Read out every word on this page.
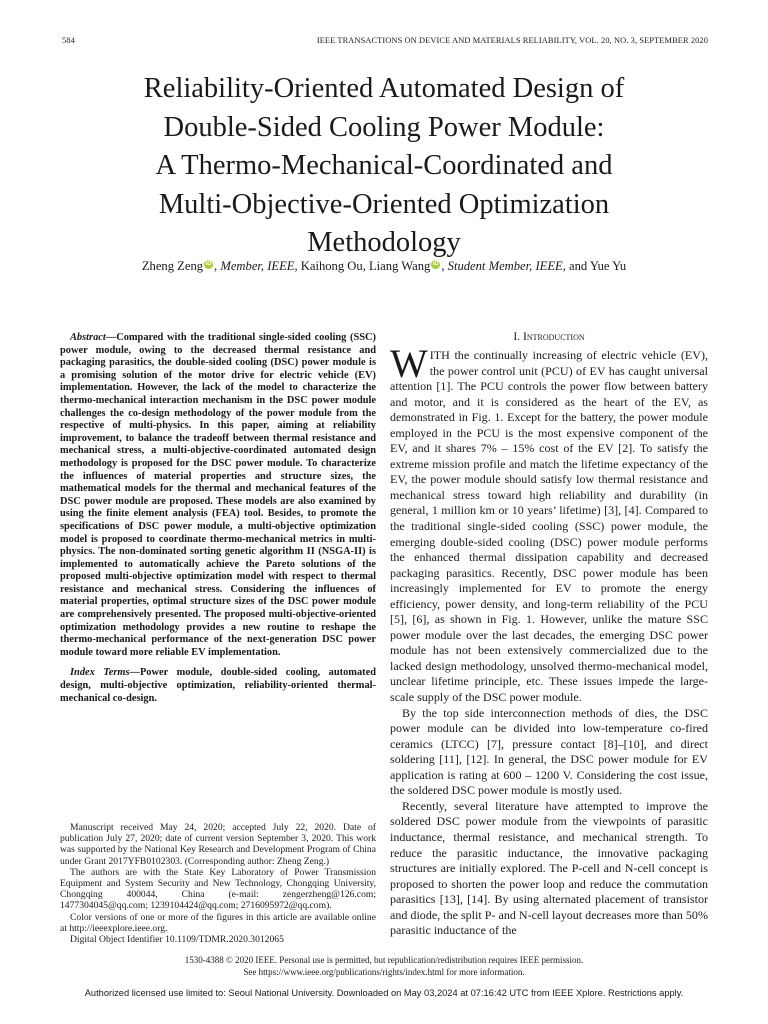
584	IEEE TRANSACTIONS ON DEVICE AND MATERIALS RELIABILITY, VOL. 20, NO. 3, SEPTEMBER 2020
Reliability-Oriented Automated Design of
Double-Sided Cooling Power Module:
A Thermo-Mechanical-Coordinated and
Multi-Objective-Oriented Optimization
Methodology
Zheng Zeng iD , Member, IEEE, Kaihong Ou, Liang Wang iD , Student Member, IEEE, and Yue Yu

Abstract—Compared with the traditional single-sided cooling (SSC) power module, owing to the decreased thermal resistance and packaging parasitics, the double-sided cooling (DSC) power module is a promising solution of the motor drive for electric vehicle (EV) implementation. However, the lack of the model to characterize the thermo-mechanical interaction mechanism in the DSC power module challenges the co-design methodology of the power module from the respective of multi-physics. In this paper, aiming at reliability improvement, to balance the tradeoff between thermal resistance and mechanical stress, a multi-objective-coordinated automated design methodology is proposed for the DSC power module. To characterize the influences of material properties and structure sizes, the mathematical models for the thermal and mechanical features of the DSC power module are proposed. These models are also examined by using the finite element analysis (FEA) tool. Besides, to promote the specifications of DSC power module, a multi-objective optimization model is proposed to coordinate thermo-mechanical metrics in multi-physics. The non-dominated sorting genetic algorithm II (NSGA-II) is implemented to automatically achieve the Pareto solutions of the proposed multi-objective optimization model with respect to thermal resistance and mechanical stress. Considering the influences of material properties, optimal structure sizes of the DSC power module are comprehensively presented. The proposed multi-objective-oriented optimization methodology provides a new routine to reshape the thermo-mechanical performance of the next-generation DSC power module toward more reliable EV implementation.

Index Terms—Power module, double-sided cooling, automated design, multi-objective optimization, reliability-oriented thermal-mechanical co-design.

Manuscript received May 24, 2020; accepted July 22, 2020. Date of publication July 27, 2020; date of current version September 3, 2020. This work was supported by the National Key Research and Development Program of China under Grant 2017YFB0102303. (Corresponding author: Zheng Zeng.)

The authors are with the State Key Laboratory of Power Transmission Equipment and System Security and New Technology, Chongqing University, Chongqing 400044, China (e-mail: zengerzheng@126.com; 1477304045@qq.com; 1239104424@qq.com; 2716095972@qq.com).

Color versions of one or more of the figures in this article are available online at http://ieeexplore.ieee.org.

Digital Object Identifier 10.1109/TDMR.2020.3012065

I. Introduction

WITH the continually increasing of electric vehicle (EV), the power control unit (PCU) of EV has caught universal attention [1]. The PCU controls the power flow between battery and motor, and it is considered as the heart of the EV, as demonstrated in Fig. 1. Except for the battery, the power module employed in the PCU is the most expensive component of the EV, and it shares 7% – 15% cost of the EV [2]. To satisfy the extreme mission profile and match the lifetime expectancy of the EV, the power module should satisfy low thermal resistance and mechanical stress toward high reliability and durability (in general, 1 million km or 10 years’ lifetime) [3], [4]. Compared to the traditional single-sided cooling (SSC) power module, the emerging double-sided cooling (DSC) power module performs the enhanced thermal dissipation capability and decreased packaging parasitics. Recently, DSC power module has been increasingly implemented for EV to promote the energy efficiency, power density, and long-term reliability of the PCU [5], [6], as shown in Fig. 1. However, unlike the mature SSC power module over the last decades, the emerging DSC power module has not been extensively commercialized due to the lacked design methodology, unsolved thermo-mechanical model, unclear lifetime principle, etc. These issues impede the large-scale supply of the DSC power module.

By the top side interconnection methods of dies, the DSC power module can be divided into low-temperature co-fired ceramics (LTCC) [7], pressure contact [8]–[10], and direct soldering [11], [12]. In general, the DSC power module for EV application is rating at 600 – 1200 V. Considering the cost issue, the soldered DSC power module is mostly used.

Recently, several literature have attempted to improve the soldered DSC power module from the viewpoints of parasitic inductance, thermal resistance, and mechanical strength. To reduce the parasitic inductance, the innovative packaging structures are initially explored. The P-cell and N-cell concept is proposed to shorten the power loop and reduce the commutation parasitics [13], [14]. By using alternated placement of transistor and diode, the split P- and N-cell layout decreases more than 50% parasitic inductance of the

1530-4388 © 2020 IEEE. Personal use is permitted, but republication/redistribution requires IEEE permission.
See https://www.ieee.org/publications/rights/index.html for more information.
Authorized licensed use limited to: Seoul National University. Downloaded on May 03,2024 at 07:16:42 UTC from IEEE Xplore. Restrictions apply.
